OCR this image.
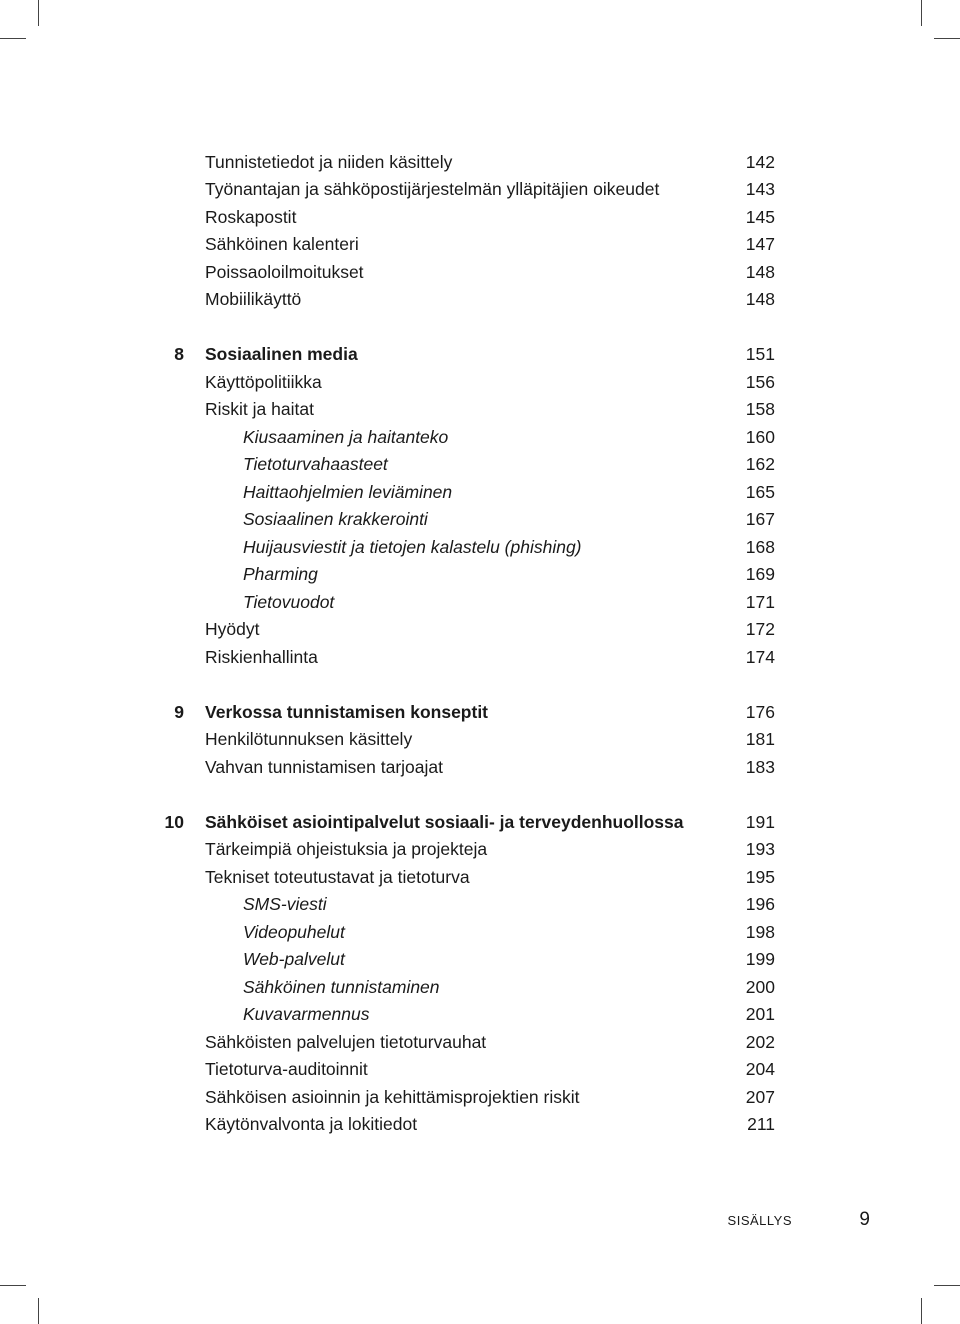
Tunnistetiedot ja niiden käsittely	142
Työnantajan ja sähköpostijärjestelmän ylläpitäjien oikeudet	143
Roskapostit	145
Sähköinen kalenteri	147
Poissaoloilmoitukset	148
Mobiilikäyttö	148
8 Sosiaalinen media	151
Käyttöpolitiikka	156
Riskit ja haitat	158
Kiusaaminen ja haitanteko	160
Tietoturvahaasteet	162
Haittaohjelmien leviäminen	165
Sosiaalinen krakkerointi	167
Huijausviestit ja tietojen kalastelu (phishing)	168
Pharming	169
Tietovuodot	171
Hyödyt	172
Riskienhallinta	174
9 Verkossa tunnistamisen konseptit	176
Henkilötunnuksen käsittely	181
Vahvan tunnistamisen tarjoajat	183
10 Sähköiset asiointipalvelut sosiaali- ja terveydenhuollossa	191
Tärkeimpiä ohjeistuksia ja projekteja	193
Tekniset toteutustavat ja tietoturva	195
SMS-viesti	196
Videopuhelut	198
Web-palvelut	199
Sähköinen tunnistaminen	200
Kuvavarmennus	201
Sähköisten palvelujen tietoturvauhat	202
Tietoturva-auditoinnit	204
Sähköisen asioinnin ja kehittämisprojektien riskit	207
Käytönvalvonta ja lokitiedot	211
SISÄLLYS	9
